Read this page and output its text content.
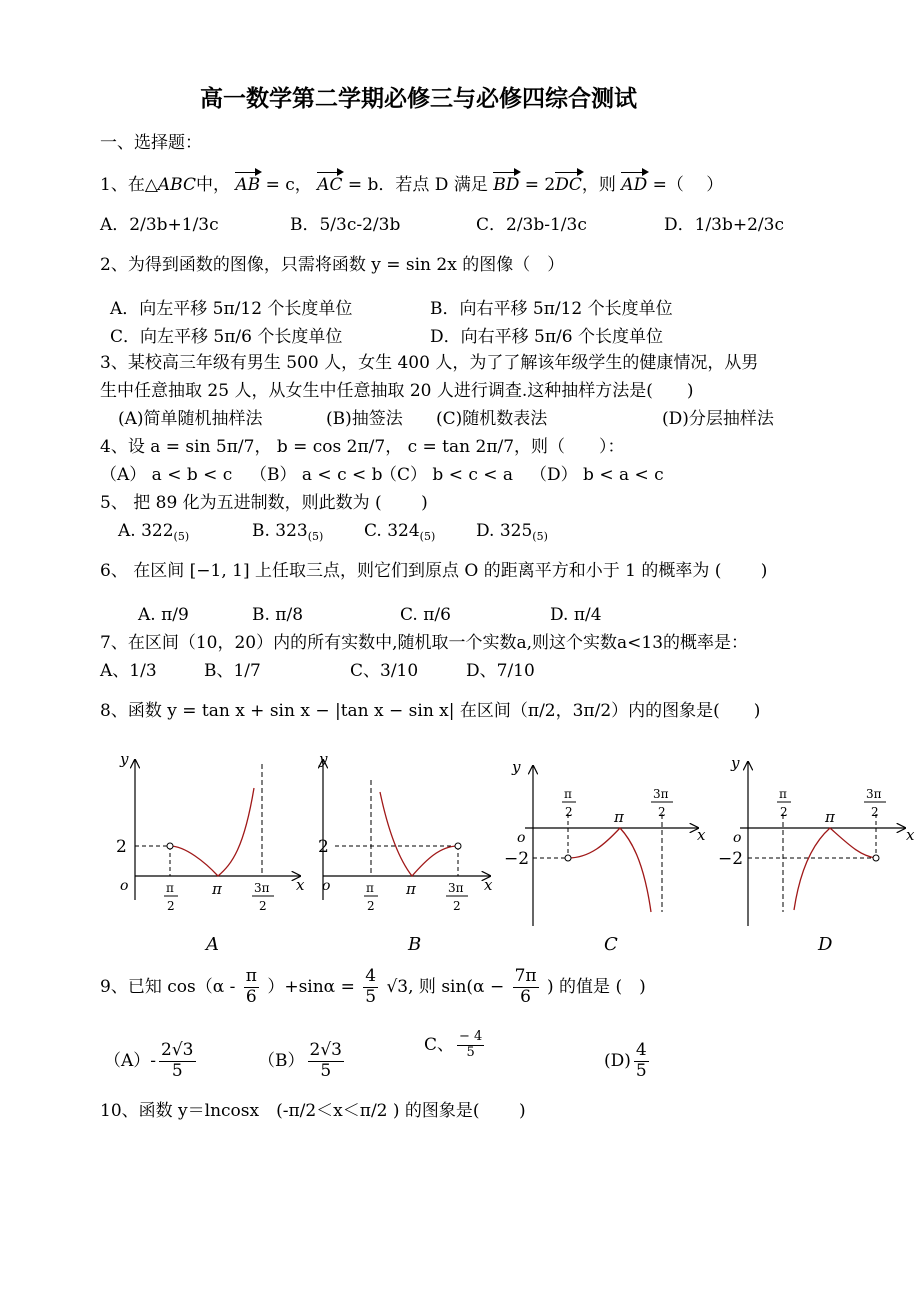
高一数学第二学期必修三与必修四综合测试
一、选择题：
1、在△ABC中， AB = c， AC = b．若点 D 满足 BD = 2DC，则 AD =（　 ）
A．2/3b+1/3c	B．5/3c-2/3b	C．2/3b-1/3c	D．1/3b+2/3c
2、为得到函数的图像，只需将函数 y = sin 2x 的图像（　）
A．向左平移 5π/12 个长度单位	B．向右平移 5π/12 个长度单位
C．向左平移 5π/6 个长度单位	D．向右平移 5π/6 个长度单位
3、某校高三年级有男生 500 人，女生 400 人，为了了解该年级学生的健康情况，从男
生中任意抽取 25 人，从女生中任意抽取 20 人进行调查.这种抽样方法是(　　)
(A)简单随机抽样法	(B)抽签法 (C)随机数表法	(D)分层抽样法
4、设 a = sin 5π/7， b = cos 2π/7， c = tan 2π/7，则（　　）：
（A） a < b < c （B） a < c < b
（C） b < c < a （D） b < a < c
5、 把 89 化为五进制数，则此数为 (　　 )
A. $322_{(5)}$	B. $323_{(5)}$ C. $324_{(5)}$ D. $325_{(5)}$
6、 在区间 [−1, 1] 上任取三点，则它们到原点 O 的距离平方和小于 1 的概率为 (　　 )
A. π/9	B. π/8	C. π/6	D. π/4
7、在区间（10，20）内的所有实数中,随机取一个实数a,则这个实数a<13的概率是：
A、1/3	B、1/7	C、3/10	D、7/10
8、函数 y = tan x + sin x − |tan x − sin x| 在区间（π/2，3π/2）内的图象是(　　)
y
x
o
2
π
2
π	3π
2
A
y
x
o
2
π
2
π	3π
2
B
y
x
o
−2
π
2	π
3π
2
C
y
x
o
−2
π
2 π
3π
2
D
9、已知 $\cos(\alpha - \frac{\pi}{6} )+\sin\alpha = \frac{4}{5} √3$, 则 $\sin(\alpha - \frac{7\pi}{6}$ ) 的值是 (　)
$(A)- \frac{2√3}{5}$	$(B) \frac{2√3}{5}$	C、 $\frac{- 4}{5}$
$(D) \frac{4}{5}$
10、函数 y＝lncosx　(-π/2＜x＜π/2 ) 的图象是(　　 )
